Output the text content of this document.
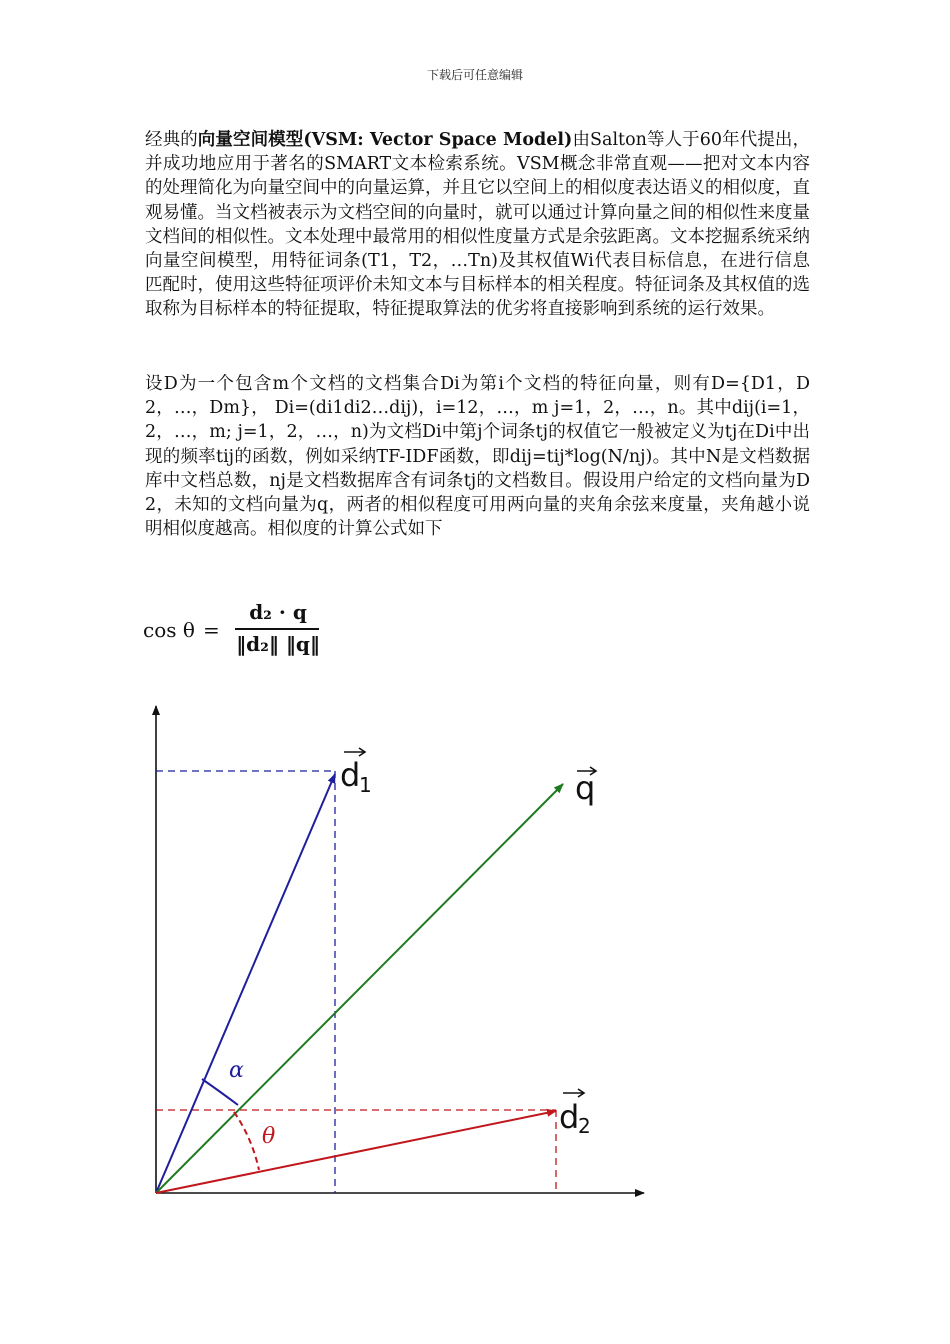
下载后可任意编辑
经典的向量空间模型(VSM: Vector Space Model)由Salton等人于60年代提出，并成功地应用于著名的SMART文本检索系统。VSM概念非常直观——把对文本内容的处理简化为向量空间中的向量运算，并且它以空间上的相似度表达语义的相似度，直观易懂。当文档被表示为文档空间的向量时，就可以通过计算向量之间的相似性来度量文档间的相似性。文本处理中最常用的相似性度量方式是余弦距离。文本挖掘系统采纳向量空间模型，用特征词条(T1，T2，…Tn)及其权值Wi代表目标信息，在进行信息匹配时，使用这些特征项评价未知文本与目标样本的相关程度。特征词条及其权值的选取称为目标样本的特征提取，特征提取算法的优劣将直接影响到系统的运行效果。
设D为一个包含m个文档的文档集合Di为第i个文档的特征向量，则有D={D1，D2，…，Dm}， Di=(di1di2…dij)，i=12，…，m j=1，2，…，n。其中dij(i=1，2，…，m; j=1，2，…，n)为文档Di中第j个词条tj的权值它一般被定义为tj在Di中出现的频率tij的函数，例如采纳TF-IDF函数，即dij=tij*log(N/nj)。其中N是文档数据库中文档总数，nj是文档数据库含有词条tj的文档数目。假设用户给定的文档向量为D2，未知的文档向量为q，两者的相似程度可用两向量的夹角余弦来度量，夹角越小说明相似度越高。相似度的计算公式如下
cos θ =
d₂ · q
‖d₂‖ ‖q‖
d
1	q
d
2
α
θ
